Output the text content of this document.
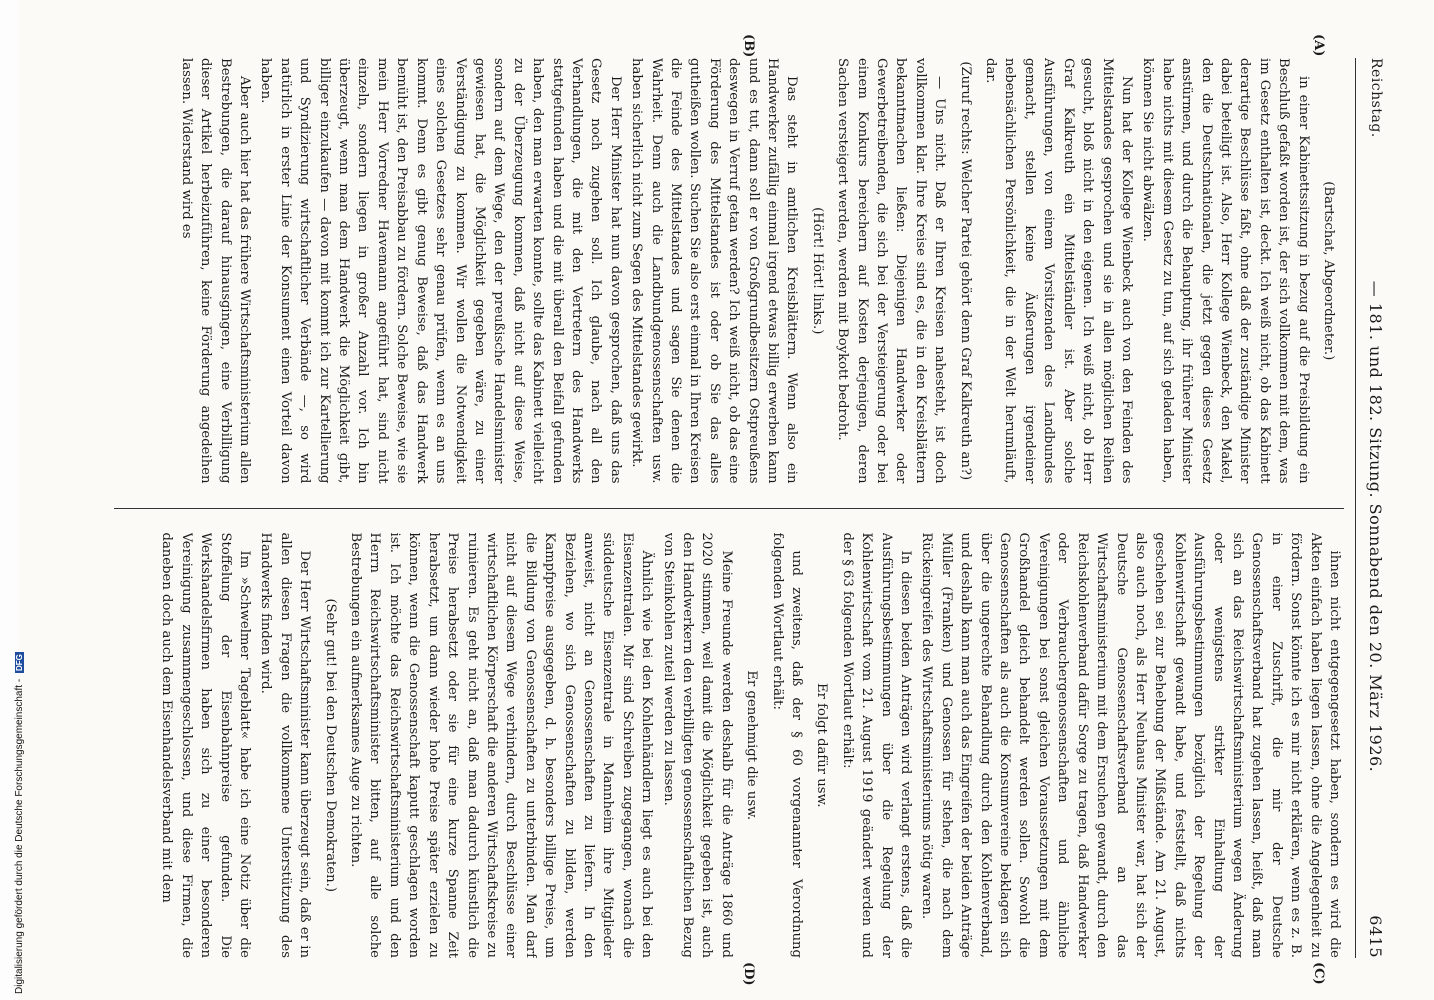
Reichstag.
— 181. und 182. Sitzung. Sonnabend den 20. März 1926.
6415

(Bartschat, Abgeordneter.)

in einer Kabinettssitzung in bezug auf die Preisbildung ein Beschluß gefaßt worden ist, der sich vollkommen mit dem, was im Gesetz enthalten ist, deckt. Ich weiß nicht, ob das Kabinett derartige Beschlüsse faßt, ohne daß der zuständige Minister dabei beteiligt ist. Also, Herr Kollege Wienbeck, den Makel, den die Deutschnationalen, die jetzt gegen dieses Gesetz anstürmen, und durch die Behauptung, ihr früherer Minister habe nichts mit diesem Gesetz zu tun, auf sich geladen haben, können Sie nicht abwälzen.

Nun hat der Kollege Wienbeck auch von den Feinden des Mittelstandes gesprochen und sie in allen möglichen Reihen gesucht, bloß nicht in den eigenen. Ich weiß nicht, ob Herr Graf Kalkreuth ein Mittelständler ist. Aber solche Ausführungen, von einem Vorsitzenden des Landbundes gemacht, stellen keine Äußerungen irgendeiner nebensächlichen Persönlichkeit, die in der Welt herumläuft, dar.

(Zuruf rechts: Welcher Partei gehört denn Graf Kalkreuth an?)

— Uns nicht. Daß er Ihren Kreisen nahesteht, ist doch vollkommen klar. Ihre Kreise sind es, die in den Kreisblättern bekanntmachen ließen: Diejenigen Handwerker oder Gewerbetreibenden, die sich bei der Versteigerung oder bei einem Konkurs bereichern auf Kosten derjenigen, deren Sachen versteigert werden, werden mit Boykott bedroht.

(Hört! Hört! links.)

Das steht in amtlichen Kreisblättern. Wenn also ein Handwerker zufällig einmal irgend etwas billig erwerben kann und es tut, dann soll er von Großgrundbesitzern Ostpreußens deswegen in Verruf getan werden? Ich weiß nicht, ob das eine Förderung des Mittelstandes ist oder ob Sie das alles gutheißen wollen. Suchen Sie also erst einmal in Ihren Kreisen die Feinde des Mittelstandes und sagen Sie denen die Wahrheit. Denn auch die Landbundgenossenschaften usw. haben sicherlich nicht zum Segen des Mittelstandes gewirkt.

Der Herr Minister hat nun davon gesprochen, daß uns das Gesetz noch zugehen soll. Ich glaube, nach all den Verhandlungen, die mit den Vertretern des Handwerks stattgefunden haben und die mit überall den Beifall gefunden haben, den man erwarten konnte, sollte das Kabinett vielleicht zu der Überzeugung kommen, daß nicht auf diese Weise, sondern auf dem Wege, den der preußische Handelsminister gewiesen hat, die Möglichkeit gegeben wäre, zu einer Verständigung zu kommen. Wir wollen die Notwendigkeit eines solchen Gesetzes sehr genau prüfen, wenn es an uns kommt. Denn es gibt genug Beweise, daß das Handwerk bemüht ist, den Preisabbau zu fördern. Solche Beweise, wie sie mein Herr Vorredner Havemann angeführt hat, sind nicht einzeln, sondern liegen in großer Anzahl vor. Ich bin überzeugt, wenn man dem Handwerk die Möglichkeit gibt, billiger einzukaufen — davon mit kommt ich zur Kartellierung und Syndizierung wirtschaftlicher Verbände —, so wird natürlich in erster Linie der Konsument einen Vorteil davon haben.

Aber auch hier hat das frühere Wirtschaftsministerium allen Bestrebungen, die darauf hinausgingen, eine Verbilligung dieser Artikel herbeizuführen, keine Förderung angedeihen lassen. Widerstand wird es

ihnen nicht entgegengesetzt haben, sondern es wird die Akten einfach haben liegen lassen, ohne die Angelegenheit zu fördern. Sonst könnte ich es mir nicht erklären, wenn es z. B. in einer Zuschrift, die mir der Deutsche Genossenschaftsverband hat zugehen lassen, heißt, daß man sich an das Reichswirtschaftsministerium wegen Änderung oder wenigstens strikter Einhaltung der Ausführungsbestimmungen bezüglich der Regelung der Kohlenwirtschaft gewandt habe, und feststellt, daß nichts geschehen sei zur Behebung der Mißstände. Am 21. August, also auch noch, als Herr Neuhaus Minister war, hat sich der Deutsche Genossenschaftsverband an das Wirtschaftsministerium mit dem Ersuchen gewandt, durch den Reichskohlenverband dafür Sorge zu tragen, daß Handwerker oder Verbrauchergenossenschaften und ähnliche Vereinigungen bei sonst gleichen Voraussetzungen mit dem Großhandel gleich behandelt werden sollen. Sowohl die Genossenschaften als auch die Konsumvereine beklagen sich über die ungerechte Behandlung durch den Kohlenverband, und deshalb kann man auch das Eingreifen der beiden Anträge Müller (Franken) und Genossen für stehen, die nach dem Rückeingreifen des Wirtschaftsministeriums nötig waren.

In diesen beiden Anträgen wird verlangt erstens, daß die Ausführungsbestimmungen über die Regelung der Kohlenwirtschaft vom 21. August 1919 geändert werden und der § 63 folgenden Wortlaut erhält:

Er folgt dafür usw.

und zweitens, daß der § 60 vorgenannter Verordnung folgenden Wortlaut erhält:

Er genehmigt die usw.

Meine Freunde werden deshalb für die Anträge 1860 und 2020 stimmen, weil damit die Möglichkeit gegeben ist, auch den Handwerkern den verbilligten genossenschaftlichen Bezug von Steinkohlen zuteil werden zu lassen.

Ähnlich wie bei den Kohlenhändlern liegt es auch bei den Eisenzentralen. Mir sind Schreiben zugegangen, wonach die süddeutsche Eisenzentrale in Mannheim ihre Mitglieder anweist, nicht an Genossenschaften zu liefern. In den Beziehen, wo sich Genossenschaften zu bilden, werden Kampfpreise ausgegeben, d. h. besonders billige Preise, um die Bildung von Genossenschaften zu unterbinden. Man darf nicht auf diesem Wege verhindern, durch Beschlüsse einer wirtschaftlichen Körperschaft die anderen Wirtschaftskreise zu ruinieren. Es geht nicht an, daß man dadurch künstlich die Preise herabsetzt oder sie für eine kurze Spanne Zeit herabsetzt, um dann wieder hohe Preise später erzielen zu können, wenn die Genossenschaft kaputt geschlagen worden ist. Ich möchte das Reichswirtschaftsministerium und den Herrn Reichswirtschaftsminister bitten, auf alle solche Bestrebungen ein aufmerksames Auge zu richten.

(Sehr gut! bei den Deutschen Demokraten.)

Der Herr Wirtschaftsminister kann überzeugt sein, daß er in allen diesen Fragen die vollkommene Unterstützung des Handwerks finden wird.

Im »Schwelmer Tageblatt« habe ich eine Notiz über die Stoffelung der Eisenbahnpreise gefunden. Die Werkshandelsfirmen haben sich zu einer besonderen Vereinigung zusammengeschlossen, und diese Firmen, die daneben doch auch dem Eisenhandelsverband mit dem

(A)
(B)
(C)
(D)
Digitalisierung gefördert durch die Deutsche Forschungsgemeinschaft - DFG
